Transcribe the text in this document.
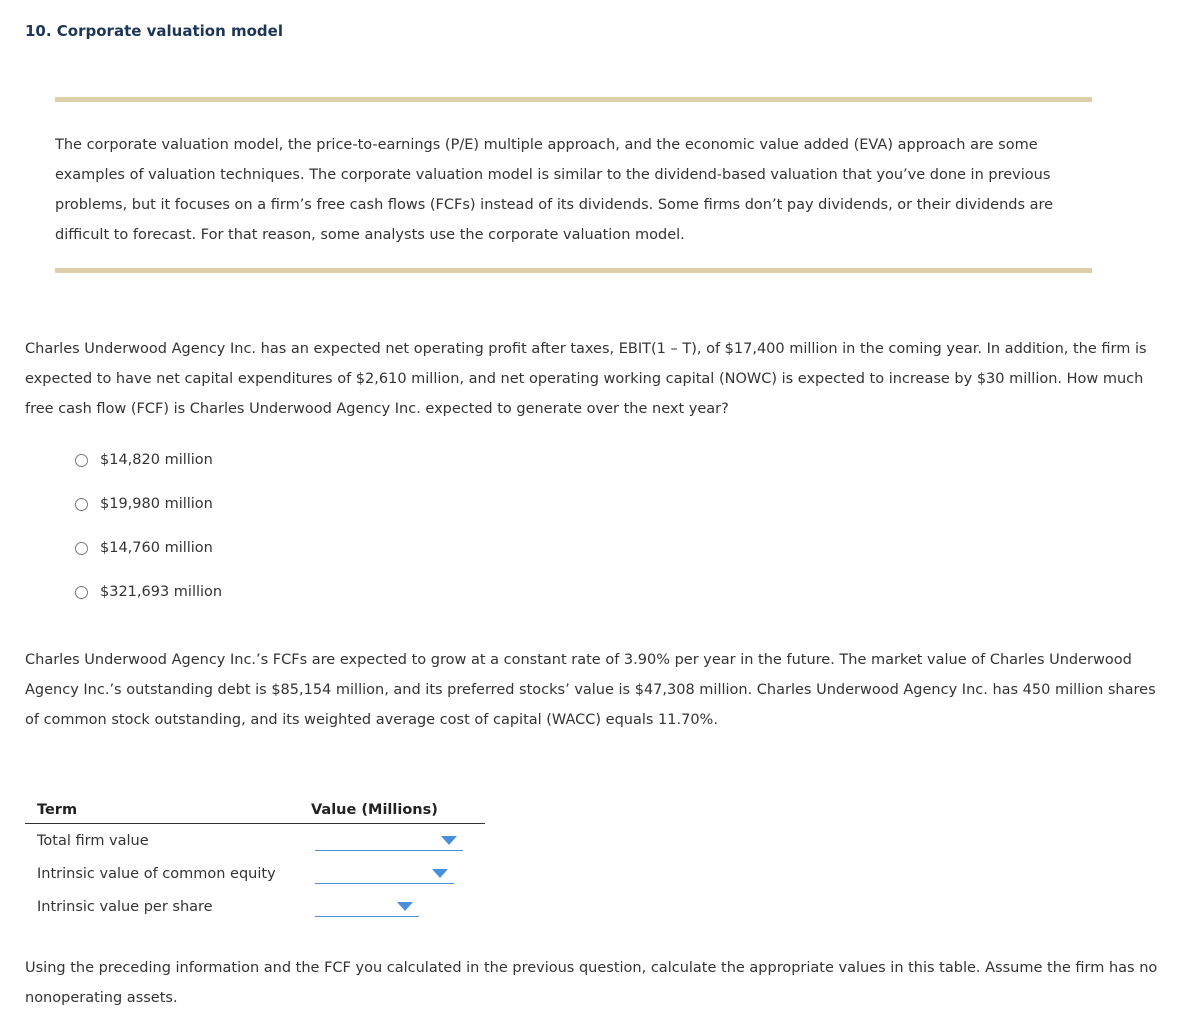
10. Corporate valuation model

The corporate valuation model, the price-to-earnings (P/E) multiple approach, and the economic value added (EVA) approach are some examples of valuation techniques. The corporate valuation model is similar to the dividend-based valuation that you’ve done in previous problems, but it focuses on a firm’s free cash flows (FCFs) instead of its dividends. Some firms don’t pay dividends, or their dividends are difficult to forecast. For that reason, some analysts use the corporate valuation model.

Charles Underwood Agency Inc. has an expected net operating profit after taxes, EBIT(1 – T), of $17,400 million in the coming year. In addition, the firm is expected to have net capital expenditures of $2,610 million, and net operating working capital (NOWC) is expected to increase by $30 million. How much free cash flow (FCF) is Charles Underwood Agency Inc. expected to generate over the next year?

$14,820 million
$19,980 million
$14,760 million
$321,693 million

Charles Underwood Agency Inc.’s FCFs are expected to grow at a constant rate of 3.90% per year in the future. The market value of Charles Underwood Agency Inc.’s outstanding debt is $85,154 million, and its preferred stocks’ value is $47,308 million. Charles Underwood Agency Inc. has 450 million shares of common stock outstanding, and its weighted average cost of capital (WACC) equals 11.70%.

Term	Value (Millions)
Total firm value
Intrinsic value of common equity
Intrinsic value per share

Using the preceding information and the FCF you calculated in the previous question, calculate the appropriate values in this table. Assume the firm has no nonoperating assets.
